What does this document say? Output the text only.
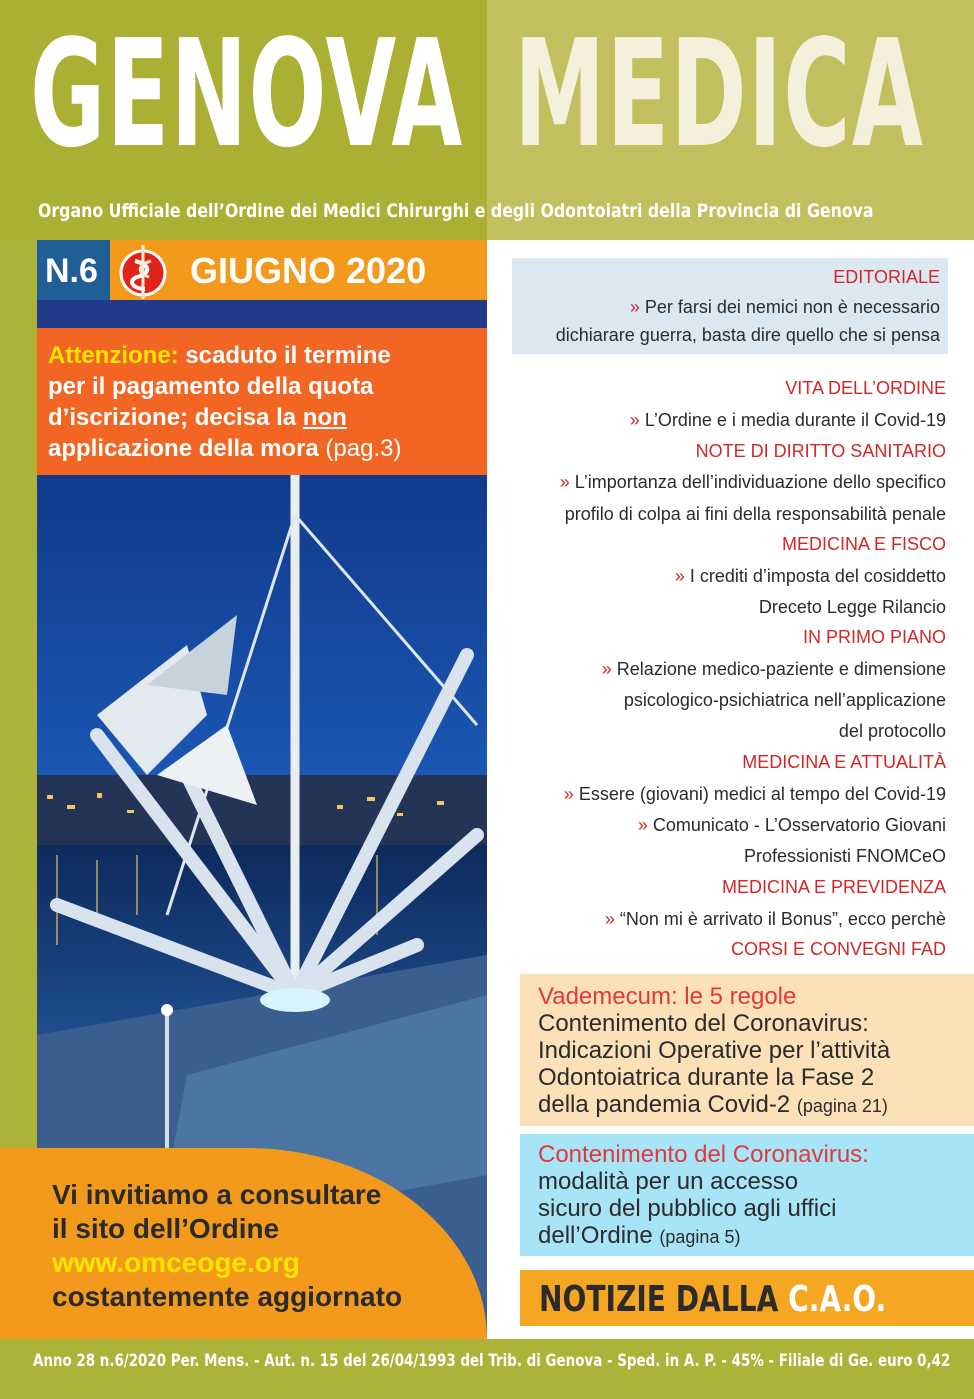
GENOVA MEDICA
Organo Ufficiale dell’Ordine dei Medici Chirurghi e degli Odontoiatri della Provincia di Genova
N.6	GIUGNO 2020
Attenzione: scaduto il termine
per il pagamento della quota
d’iscrizione; decisa la non
applicazione della mora (pag.3)
Vi invitiamo a consultare
il sito dell’Ordine
www.omceoge.org
costantemente aggiornato
EDITORIALE
» Per farsi dei nemici non è necessario
dichiarare guerra, basta dire quello che si pensa
VITA DELL’ORDINE
» L’Ordine e i media durante il Covid-19
NOTE DI DIRITTO SANITARIO
» L’importanza dell’individuazione dello specifico
profilo di colpa ai fini della responsabilità penale
MEDICINA E FISCO
» I crediti d’imposta del cosiddetto
Dreceto Legge Rilancio
IN PRIMO PIANO
» Relazione medico-paziente e dimensione
psicologico-psichiatrica nell’applicazione
del protocollo
MEDICINA E ATTUALITÀ
» Essere (giovani) medici al tempo del Covid-19
» Comunicato - L’Osservatorio Giovani
Professionisti FNOMCeO
MEDICINA E PREVIDENZA
» “Non mi è arrivato il Bonus”, ecco perchè
CORSI E CONVEGNI FAD
Vademecum: le 5 regole
Contenimento del Coronavirus:
Indicazioni Operative per l’attività
Odontoiatrica durante la Fase 2
della pandemia Covid-2 (pagina 21)
Contenimento del Coronavirus:
modalità per un accesso
sicuro del pubblico agli uffici
dell’Ordine (pagina 5)
NOTIZIE DALLA C.A.O.
Anno 28 n.6/2020 Per. Mens. - Aut. n. 15 del 26/04/1993 del Trib. di Genova - Sped. in A. P. - 45% - Filiale di Ge. euro 0,42
